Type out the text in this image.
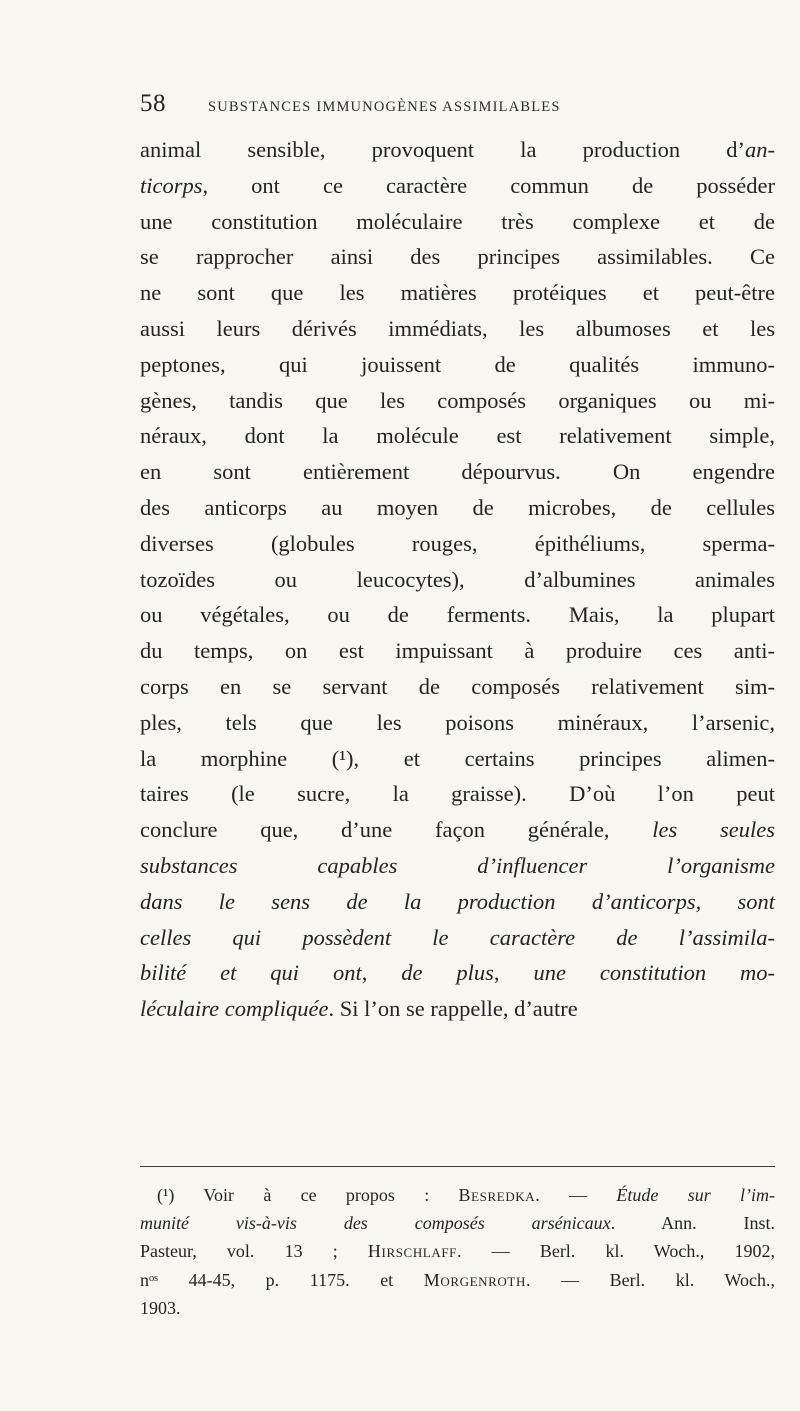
58	SUBSTANCES IMMUNOGÈNES ASSIMILABLES
animal sensible, provoquent la production d’an-
ticorps, ont ce caractère commun de posséder
une constitution moléculaire très complexe et de
se rapprocher ainsi des principes assimilables. Ce
ne sont que les matières protéiques et peut-être
aussi leurs dérivés immédiats, les albumoses et les
peptones, qui jouissent de qualités immuno-
gènes, tandis que les composés organiques ou mi-
néraux, dont la molécule est relativement simple,
en sont entièrement dépourvus. On engendre
des anticorps au moyen de microbes, de cellules
diverses (globules rouges, épithéliums, sperma-
tozoïdes ou leucocytes), d’albumines animales
ou végétales, ou de ferments. Mais, la plupart
du temps, on est impuissant à produire ces anti-
corps en se servant de composés relativement sim-
ples, tels que les poisons minéraux, l’arsenic,
la morphine (¹), et certains principes alimen-
taires (le sucre, la graisse). D’où l’on peut
conclure que, d’une façon générale, les seules
substances capables d’influencer l’organisme
dans le sens de la production d’anticorps, sont
celles qui possèdent le caractère de l’assimila-
bilité et qui ont, de plus, une constitution mo-
léculaire compliquée. Si l’on se rappelle, d’autre
(¹) Voir à ce propos : Besredka. — Étude sur l’im-
munité vis-à-vis des composés arsénicaux. Ann. Inst.
Pasteur, vol. 13 ; Hirschlaff. — Berl. kl. Woch., 1902,
nᵒˢ 44-45, p. 1175. et Morgenroth. — Berl. kl. Woch.,
1903.
